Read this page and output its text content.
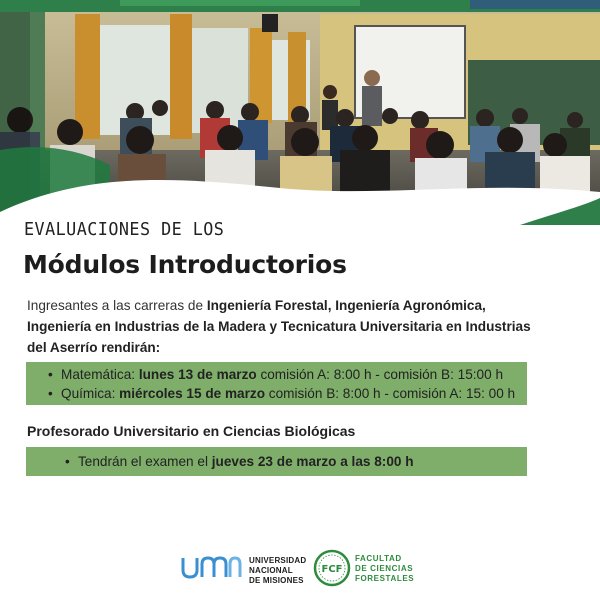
EVALUACIONES DE LOS
Módulos Introductorios
Ingresantes a las carreras de Ingeniería Forestal, Ingeniería Agronómica, Ingeniería en Industrias de la Madera y Tecnicatura Universitaria en Industrias del Aserrío rendirán:
• Matemática: lunes 13 de marzo comisión A: 8:00 h - comisión B: 15:00 h
• Química: miércoles 15 de marzo comisión B: 8:00 h - comisión A: 15: 00 h
Profesorado Universitario en Ciencias Biológicas
• Tendrán el examen el jueves 23 de marzo a las 8:00 h
UNIVERSIDAD
NACIONAL
DE MISIONES
FCF
FACULTAD
DE CIENCIAS
FORESTALES
